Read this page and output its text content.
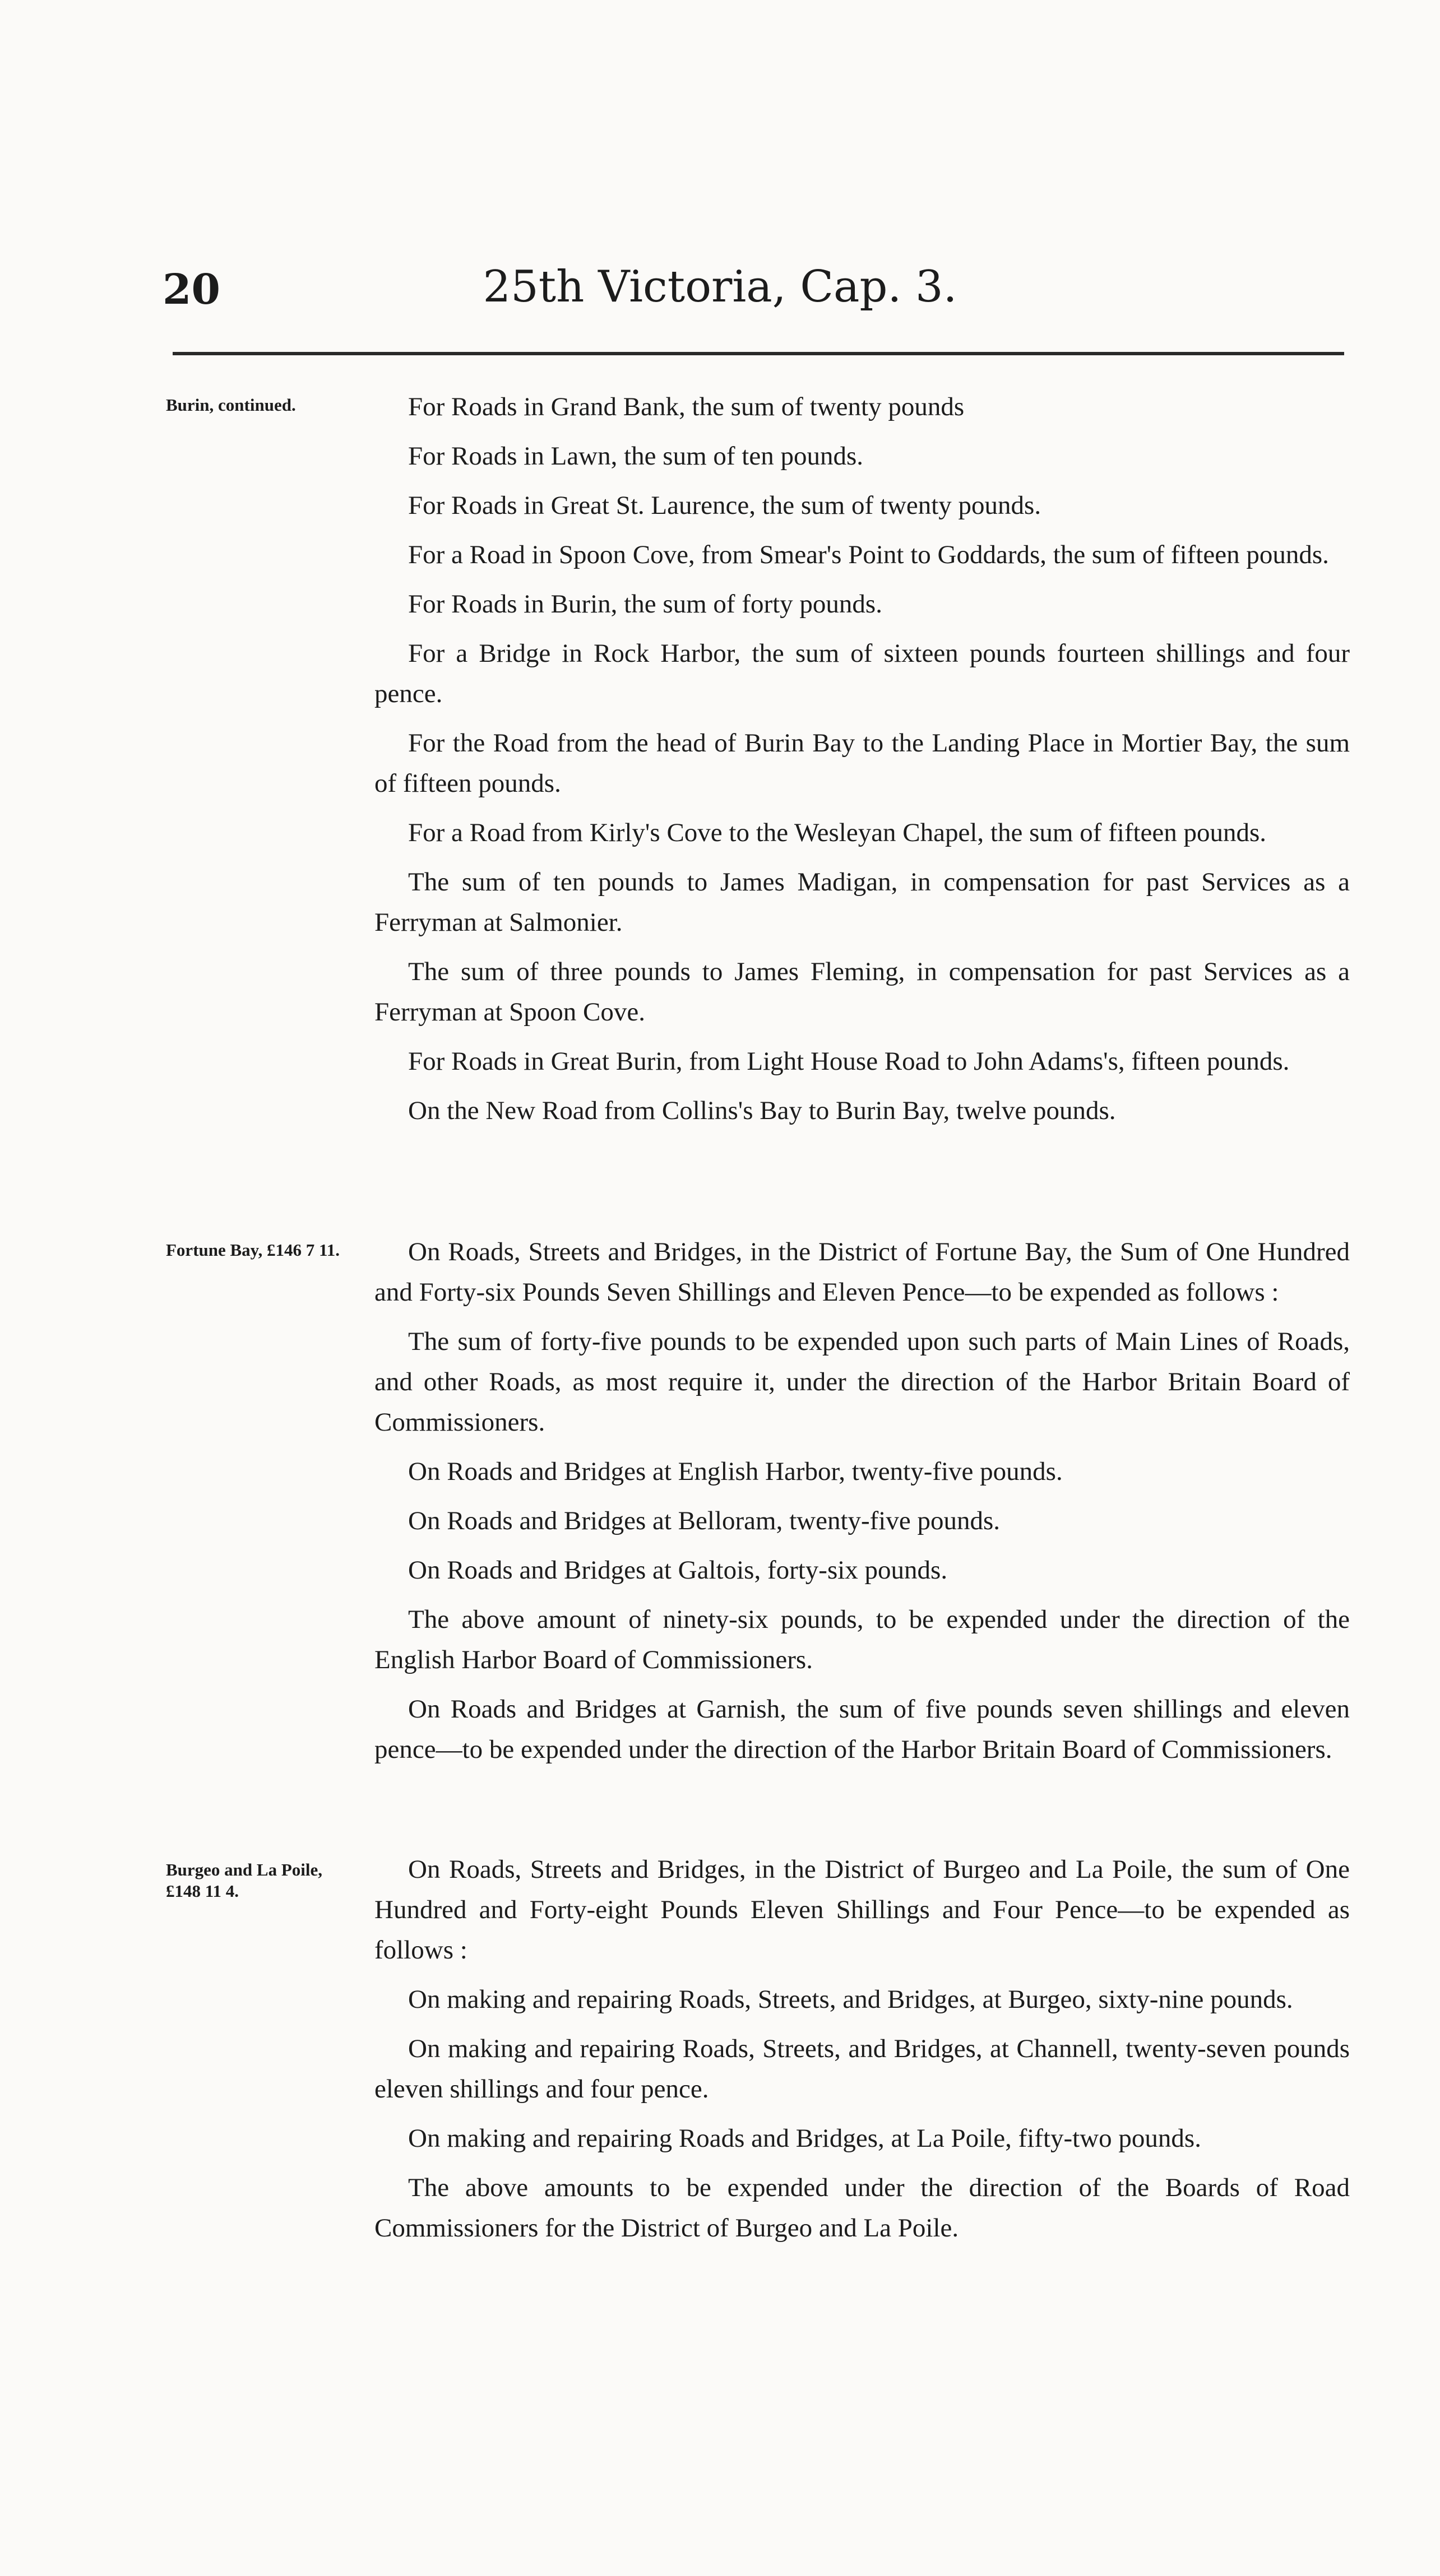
20	25th Victoria, Cap. 3.
Burin, continued.	For Roads in Grand Bank, the sum of twenty pounds

For Roads in Lawn, the sum of ten pounds.

For Roads in Great St. Laurence, the sum of twenty pounds.

For a Road in Spoon Cove, from Smear's Point to Goddards, the sum of fifteen pounds.

For Roads in Burin, the sum of forty pounds.

For a Bridge in Rock Harbor, the sum of sixteen pounds fourteen shillings and four pence.

For the Road from the head of Burin Bay to the Landing Place in Mortier Bay, the sum of fifteen pounds.

For a Road from Kirly's Cove to the Wesleyan Chapel, the sum of fifteen pounds.

The sum of ten pounds to James Madigan, in compensation for past Services as a Ferryman at Salmonier.

The sum of three pounds to James Fleming, in compensation for past Services as a Ferryman at Spoon Cove.

For Roads in Great Burin, from Light House Road to John Adams's, fifteen pounds.

On the New Road from Collins's Bay to Burin Bay, twelve pounds.

Fortune Bay, £146 7 11.	On Roads, Streets and Bridges, in the District of Fortune Bay, the Sum of One Hundred and Forty-six Pounds Seven Shillings and Eleven Pence—to be expended as follows :

The sum of forty-five pounds to be expended upon such parts of Main Lines of Roads, and other Roads, as most require it, under the direction of the Harbor Britain Board of Commissioners.

On Roads and Bridges at English Harbor, twenty-five pounds.

On Roads and Bridges at Belloram, twenty-five pounds.

On Roads and Bridges at Galtois, forty-six pounds.

The above amount of ninety-six pounds, to be expended under the direction of the English Harbor Board of Commissioners.

On Roads and Bridges at Garnish, the sum of five pounds seven shillings and eleven pence—to be expended under the direction of the Harbor Britain Board of Commissioners.

Burgeo and La Poile, £148 11 4.

On Roads, Streets and Bridges, in the District of Burgeo and La Poile, the sum of One Hundred and Forty-eight Pounds Eleven Shillings and Four Pence—to be expended as follows :

On making and repairing Roads, Streets, and Bridges, at Burgeo, sixty-nine pounds.

On making and repairing Roads, Streets, and Bridges, at Channell, twenty-seven pounds eleven shillings and four pence.

On making and repairing Roads and Bridges, at La Poile, fifty-two pounds.

The above amounts to be expended under the direction of the Boards of Road Commissioners for the District of Burgeo and La Poile.
